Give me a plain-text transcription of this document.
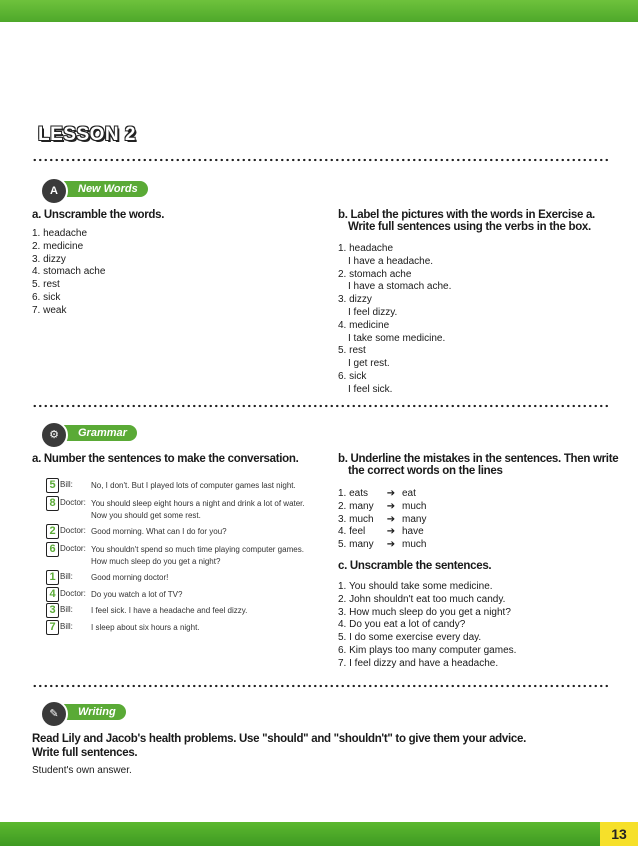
LESSON 2
A	New Words
a. Unscramble the words.
1. headache
2. medicine
3. dizzy
4. stomach ache
5. rest
6. sick
7. weak
b. Label the pictures with the words in Exercise a.
Write full sentences using the verbs in the box.
1. headache
I have a headache.
2. stomach ache
I have a stomach ache.
3. dizzy
I feel dizzy.
4. medicine
I take some medicine.
5. rest
I get rest.
6. sick
I feel sick.
⚙	Grammar
a. Number the sentences to make the conversation.
5 Bill: No, I don't. But I played lots of computer games last night.
8 Doctor: You should sleep eight hours a night and drink a lot of water.
Now you should get some rest.
2 Doctor: Good morning. What can I do for you?
6 Doctor: You shouldn't spend so much time playing computer games.
How much sleep do you get a night?
1 Bill: Good morning doctor!
4 Doctor: Do you watch a lot of TV?
3 Bill: I feel sick. I have a headache and feel dizzy.
7 Bill: I sleep about six hours a night.
b. Underline the mistakes in the sentences. Then write
the correct words on the lines
1. eats ➔ eat
2. many ➔ much
3. much ➔ many
4. feel ➔ have
5. many ➔ much
c. Unscramble the sentences.
1. You should take some medicine.
2. John shouldn't eat too much candy.
3. How much sleep do you get a night?
4. Do you eat a lot of candy?
5. I do some exercise every day.
6. Kim plays too many computer games.
7. I feel dizzy and have a headache.
✎	Writing
Read Lily and Jacob's health problems. Use "should" and "shouldn't" to give them your advice.
Write full sentences.
Student's own answer.
13
